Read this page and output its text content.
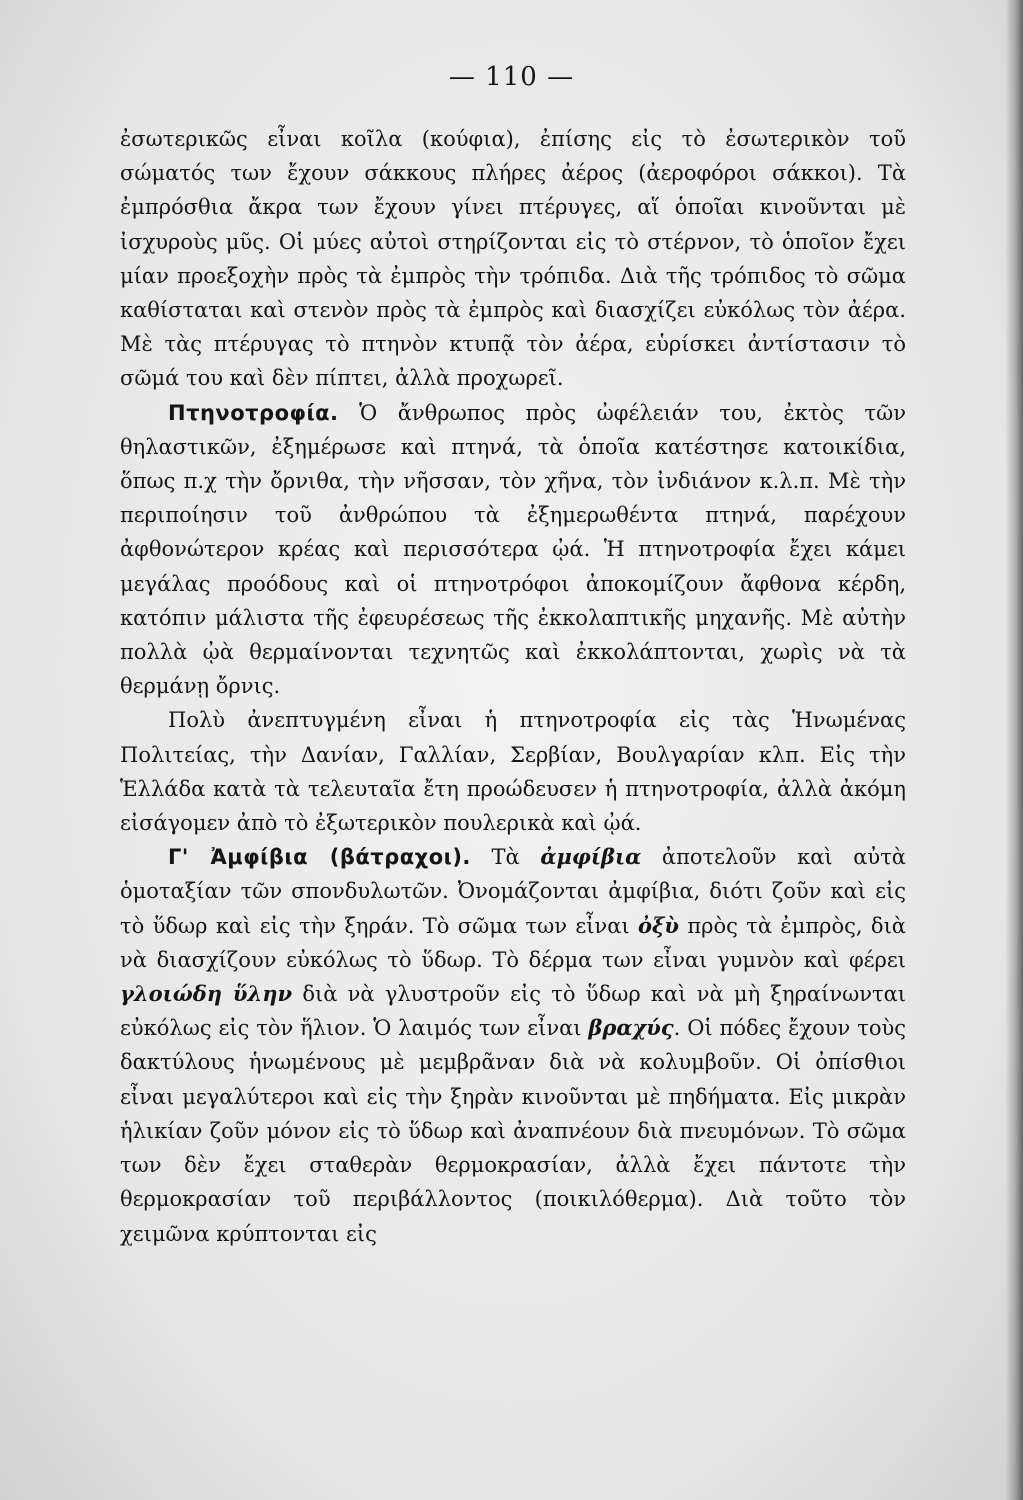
— 110 —

ἐσωτερικῶς εἶναι κοῖλα (κούφια), ἐπίσης εἰς τὸ ἐσωτερικὸν τοῦ σώματός των ἔχουν σάκκους πλήρες ἀέρος (ἀεροφόροι σάκκοι). Τὰ ἐμπρόσθια ἄκρα των ἔχουν γίνει πτέρυγες, αἵ ὁποῖαι κινοῦνται μὲ ἰσχυροὺς μῦς. Οἱ μύες αὐτοὶ στηρίζονται εἰς τὸ στέρνον, τὸ ὁποῖον ἔχει μίαν προεξοχὴν πρὸς τὰ ἐμπρὸς τὴν τρόπιδα. Διὰ τῆς τρόπιδος τὸ σῶμα καθίσταται καὶ στενὸν πρὸς τὰ ἐμπρὸς καὶ διασχίζει εὐκόλως τὸν ἀέρα. Μὲ τὰς πτέρυγας τὸ πτηνὸν κτυπᾷ τὸν ἀέρα, εὑρίσκει ἀντίστασιν τὸ σῶμά του καὶ δὲν πίπτει, ἀλλὰ προχωρεῖ.

Πτηνοτροφία. Ὁ ἄνθρωπος πρὸς ὠφέλειάν του, ἐκτὸς τῶν θηλαστικῶν, ἐξημέρωσε καὶ πτηνά, τὰ ὁποῖα κατέστησε κατοικίδια, ὅπως π.χ τὴν ὄρνιθα, τὴν νῆσσαν, τὸν χῆνα, τὸν ἰνδιάνον κ.λ.π. Μὲ τὴν περιποίησιν τοῦ ἀνθρώπου τὰ ἐξημερωθέντα πτηνά, παρέχουν ἀφθονώτερον κρέας καὶ περισσότερα ᾠά. Ἡ πτηνοτροφία ἔχει κάμει μεγάλας προόδους καὶ οἱ πτηνοτρόφοι ἀποκομίζουν ἄφθονα κέρδη, κατόπιν μάλιστα τῆς ἐφευρέσεως τῆς ἐκκολαπτικῆς μηχανῆς. Μὲ αὐτὴν πολλὰ ᾠὰ θερμαίνονται τεχνητῶς καὶ ἐκκολάπτονται, χωρὶς νὰ τὰ θερμάνῃ ὄρνις.

Πολὺ ἀνεπτυγμένη εἶναι ἡ πτηνοτροφία εἰς τὰς Ἡνωμένας Πολιτείας, τὴν Δανίαν, Γαλλίαν, Σερβίαν, Βουλγαρίαν κλπ. Εἰς τὴν Ἑλλάδα κατὰ τὰ τελευταῖα ἔτη προώδευσεν ἡ πτηνοτροφία, ἀλλὰ ἀκόμη εἰσάγομεν ἀπὸ τὸ ἐξωτερικὸν πουλερικὰ καὶ ᾠά.

Γ' Ἀμφίβια (βάτραχοι). Τὰ ἀμφίβια ἀποτελοῦν καὶ αὐτὰ ὁμοταξίαν τῶν σπονδυλωτῶν. Ὀνομάζονται ἀμφίβια, διότι ζοῦν καὶ εἰς τὸ ὕδωρ καὶ εἰς τὴν ξηράν. Τὸ σῶμα των εἶναι ὀξὺ πρὸς τὰ ἐμπρὸς, διὰ νὰ διασχίζουν εὐκόλως τὸ ὕδωρ. Τὸ δέρμα των εἶναι γυμνὸν καὶ φέρει γλοιώδη ὕλην διὰ νὰ γλυστροῦν εἰς τὸ ὕδωρ καὶ νὰ μὴ ξηραίνωνται εὐκόλως εἰς τὸν ἥλιον. Ὁ λαιμός των εἶναι βραχύς. Οἱ πόδες ἔχουν τοὺς δακτύλους ἡνωμένους μὲ μεμβρᾶναν διὰ νὰ κολυμβοῦν. Οἱ ὀπίσθιοι εἶναι μεγαλύτεροι καὶ εἰς τὴν ξηρὰν κινοῦνται μὲ πηδήματα. Εἰς μικρὰν ἡλικίαν ζοῦν μόνον εἰς τὸ ὕδωρ καὶ ἀναπνέουν διὰ πνευμόνων. Τὸ σῶμα των δὲν ἔχει σταθερὰν θερμοκρασίαν, ἀλλὰ ἔχει πάντοτε τὴν θερμοκρασίαν τοῦ περιβάλλοντος (ποικιλόθερμα). Διὰ τοῦτο τὸν χειμῶνα κρύπτονται εἰς
